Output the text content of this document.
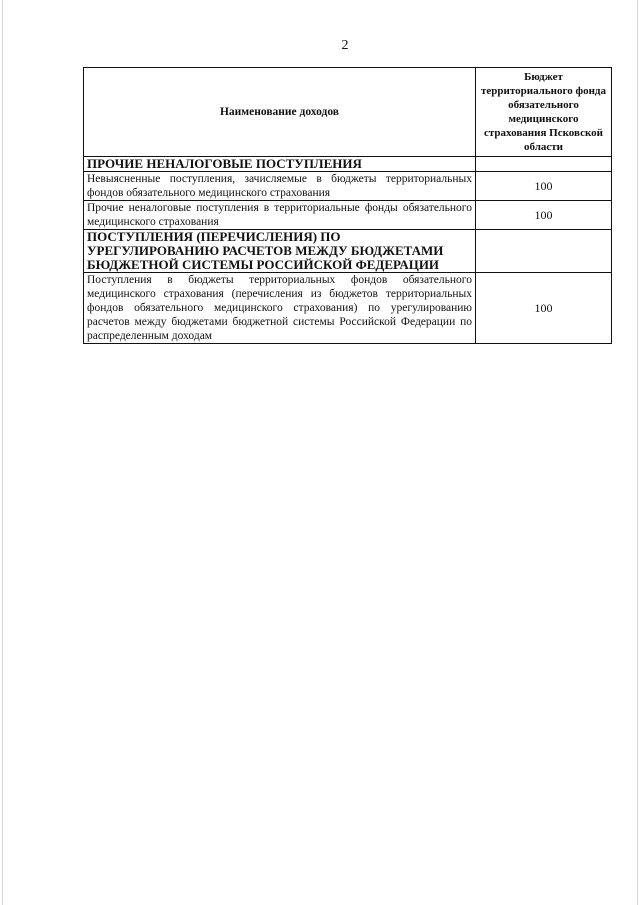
2
Наименование доходов	Бюджет территориального фонда обязательного медицинского страхования Псковской области
ПРОЧИЕ НЕНАЛОГОВЫЕ ПОСТУПЛЕНИЯ	
Невыясненные поступления, зачисляемые в бюджеты территориальных фондов обязательного медицинского страхования	100
Прочие неналоговые поступления в территориальные фонды обязательного медицинского страхования	100
ПОСТУПЛЕНИЯ (ПЕРЕЧИСЛЕНИЯ) ПО УРЕГУЛИРОВАНИЮ РАСЧЕТОВ МЕЖДУ БЮДЖЕТАМИ БЮДЖЕТНОЙ СИСТЕМЫ РОССИЙСКОЙ ФЕДЕРАЦИИ	
Поступления в бюджеты территориальных фондов обязательного медицинского страхования (перечисления из бюджетов территориальных фондов обязательного медицинского страхования) по урегулированию расчетов между бюджетами бюджетной системы Российской Федерации по распределенным доходам	100
